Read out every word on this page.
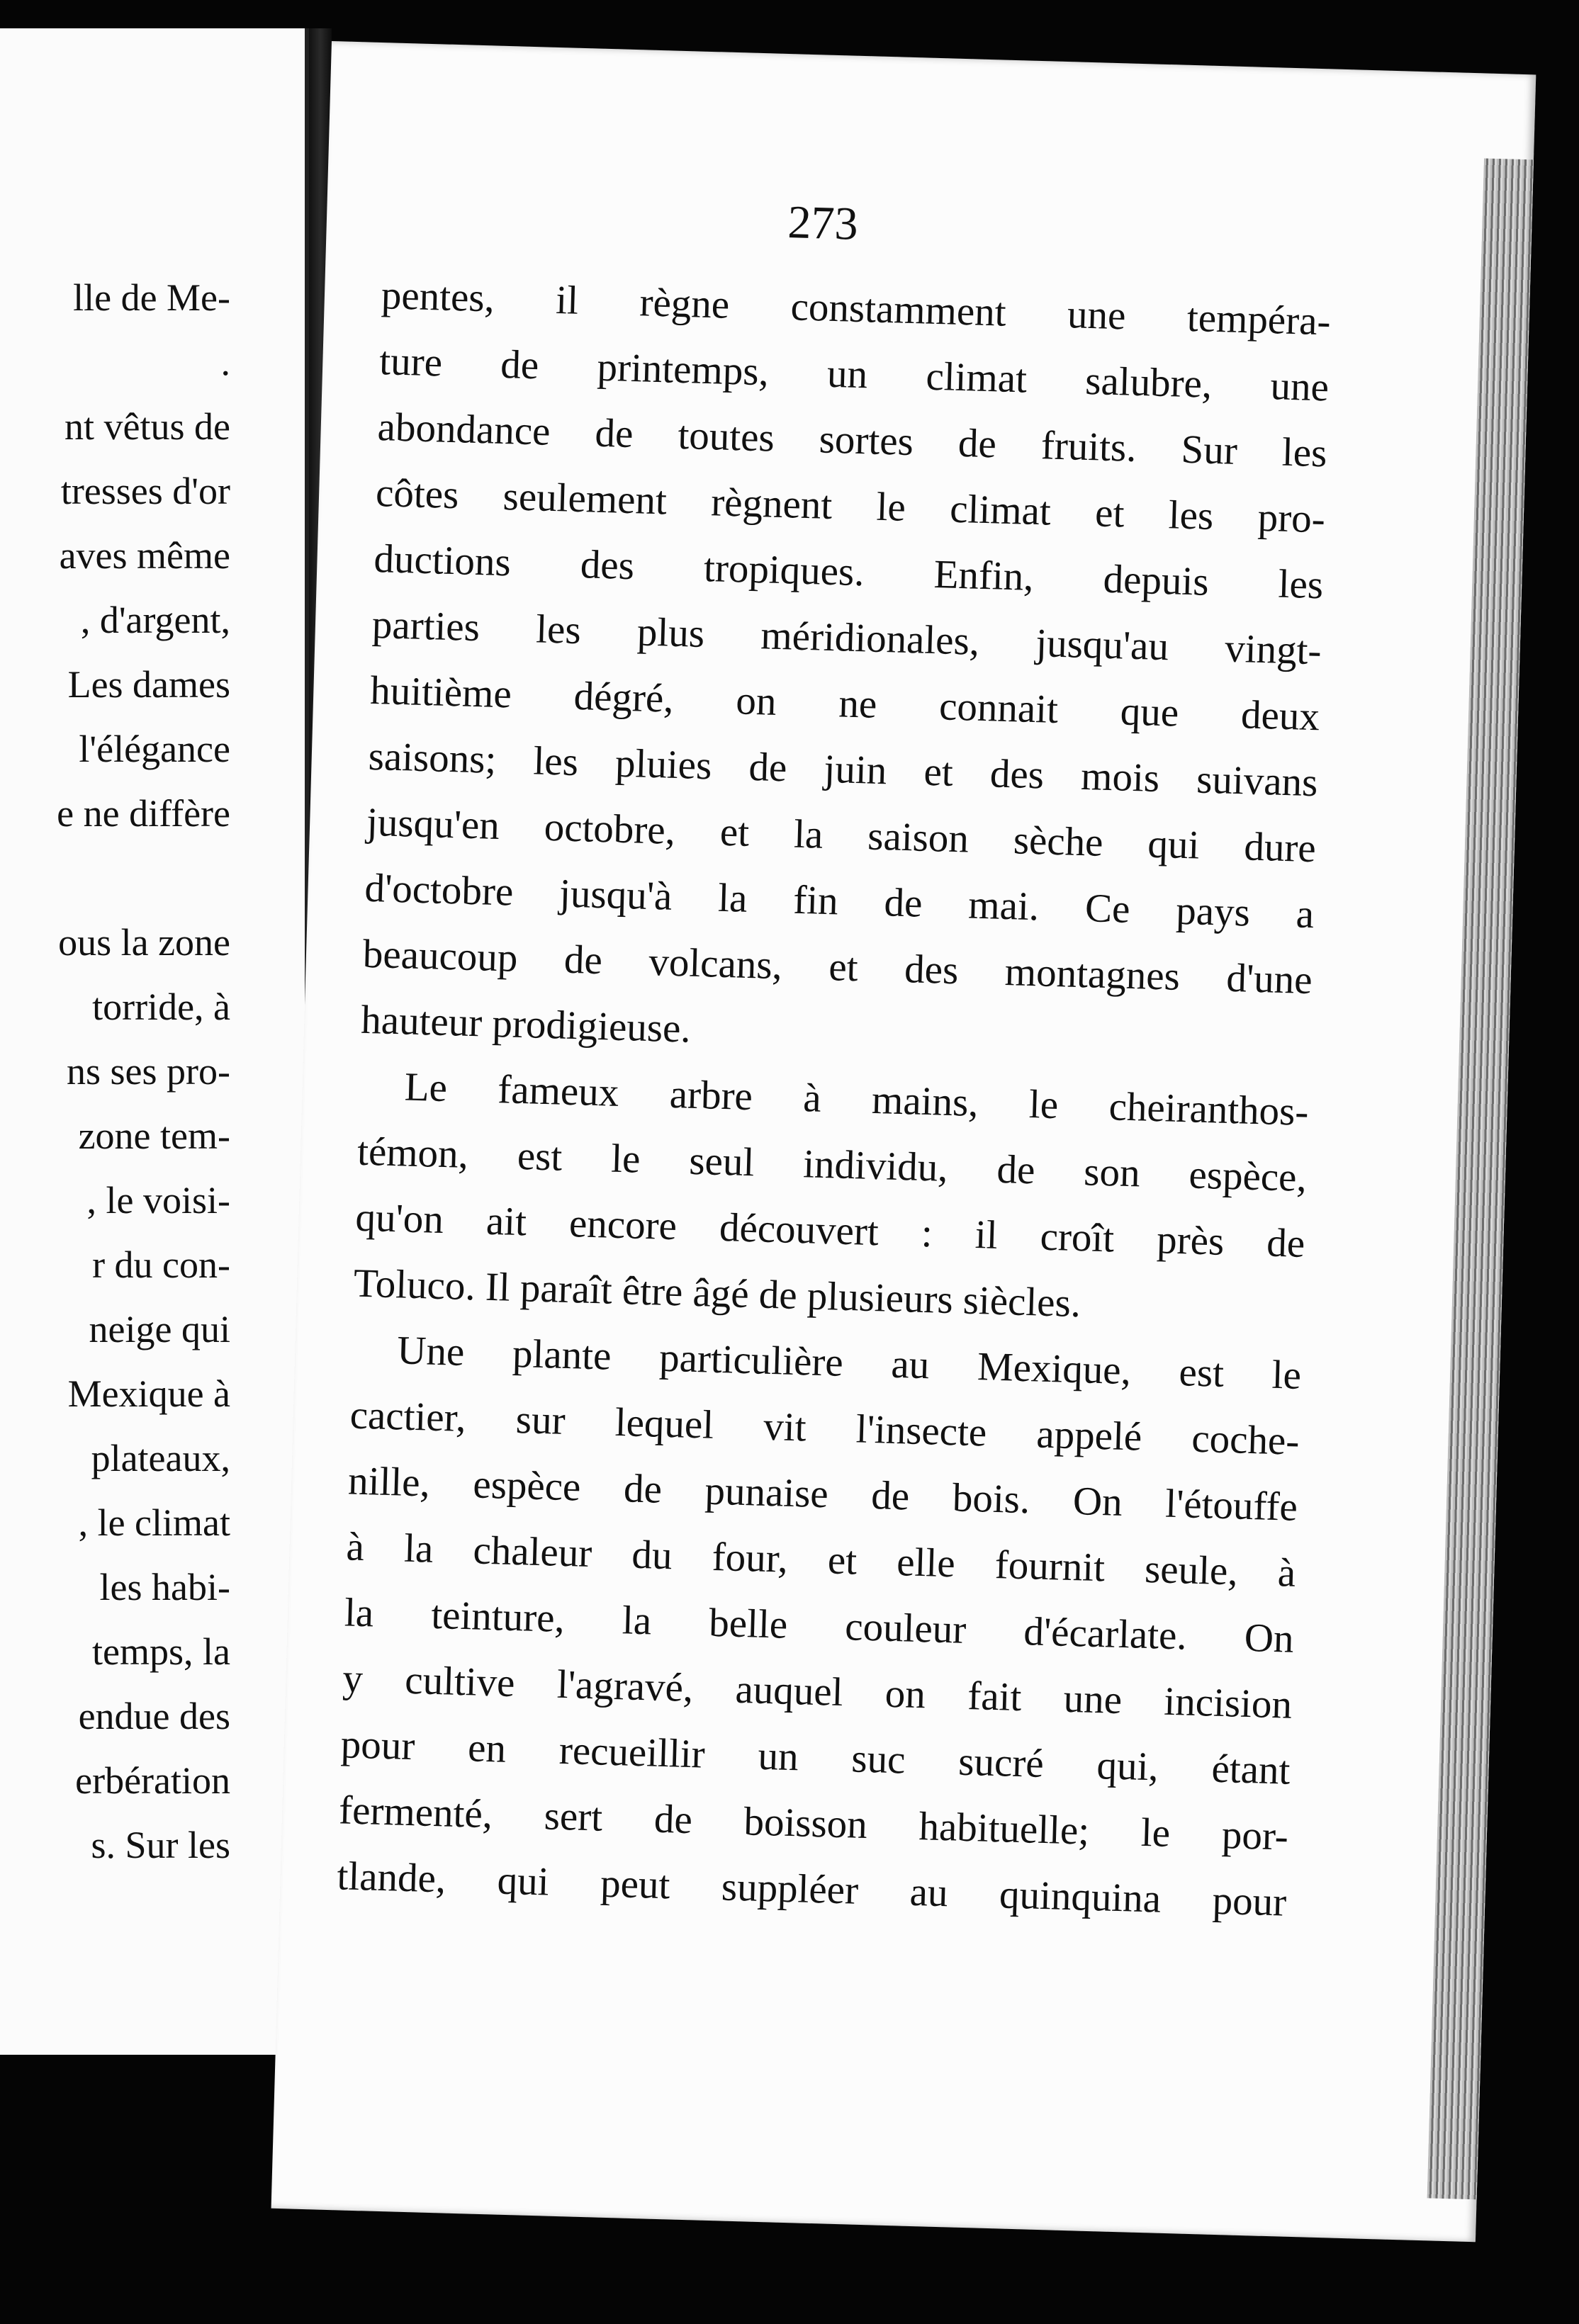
lle de Me-
.
nt vêtus de
tresses d'or
aves même
, d'argent,
Les dames
l'élégance
e ne diffère
ous la zone
torride, à
ns ses pro-
zone tem-
, le voisi-
r du con-
neige qui
Mexique à
plateaux,
, le climat
les habi-
temps, la
endue des
erbération
s. Sur les
273
pentes, il règne constamment une tempéra-
ture de printemps, un climat salubre, une
abondance de toutes sortes de fruits. Sur les
côtes seulement règnent le climat et les pro-
ductions des tropiques. Enfin, depuis les
parties les plus méridionales, jusqu'au vingt-
huitième dégré, on ne connait que deux
saisons; les pluies de juin et des mois suivans
jusqu'en octobre, et la saison sèche qui dure
d'octobre jusqu'à la fin de mai. Ce pays a
beaucoup de volcans, et des montagnes d'une
hauteur prodigieuse.
Le fameux arbre à mains, le cheiranthos-
témon, est le seul individu, de son espèce,
qu'on ait encore découvert : il croît près de
Toluco. Il paraît être âgé de plusieurs siècles.
Une plante particulière au Mexique, est le
cactier, sur lequel vit l'insecte appelé coche-
nille, espèce de punaise de bois. On l'étouffe
à la chaleur du four, et elle fournit seule, à
la teinture, la belle couleur d'écarlate. On
y cultive l'agravé, auquel on fait une incision
pour en recueillir un suc sucré qui, étant
fermenté, sert de boisson habituelle; le por-
tlande, qui peut suppléer au quinquina pour
